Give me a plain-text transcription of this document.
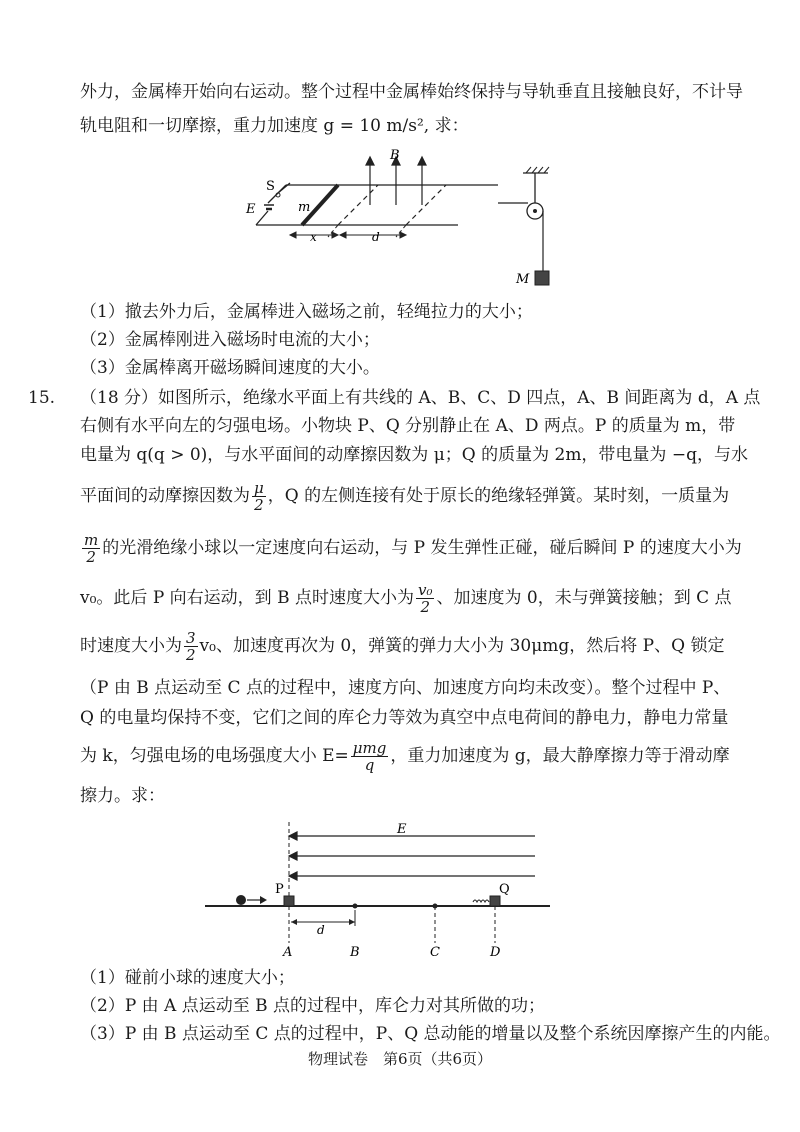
外力，金属棒开始向右运动。整个过程中金属棒始终保持与导轨垂直且接触良好，不计导
轨电阻和一切摩擦，重力加速度 g = 10 m/s², 求：
B
S
E	m
x	d
M
（1）撤去外力后，金属棒进入磁场之前，轻绳拉力的大小；
（2）金属棒刚进入磁场时电流的大小；
（3）金属棒离开磁场瞬间速度的大小。
15. （18 分）如图所示，绝缘水平面上有共线的 A、B、C、D 四点，A、B 间距离为 d，A 点
右侧有水平向左的匀强电场。小物块 P、Q 分别静止在 A、D 两点。P 的质量为 m，带
电量为 q(q > 0)，与水平面间的动摩擦因数为 μ；Q 的质量为 2m，带电量为 −q，与水
平面间的动摩擦因数为 $\frac{\mu}{2}$ ，Q 的左侧连接有处于原长的绝缘轻弹簧。某时刻，一质量为
$\frac{m}{2}$ 的光滑绝缘小球以一定速度向右运动，与 P 发生弹性正碰，碰后瞬间 P 的速度大小为
v₀。此后 P 向右运动，到 B 点时速度大小为 $\frac{\text{v₀}}{2}$ 、加速度为 0，未与弹簧接触；到 C 点
时速度大小为 $\frac{3}{2} v_0$、加速度再次为 0，弹簧的弹力大小为 30μmg，然后将 P、Q 锁定
（P 由 B 点运动至 C 点的过程中，速度方向、加速度方向均未改变）。整个过程中 P、
Q 的电量均保持不变，它们之间的库仑力等效为真空中点电荷间的静电力，静电力常量
为 k，匀强电场的电场强度大小 $E= \frac{\text{μmg}}{q}$ ，重力加速度为 g，最大静摩擦力等于滑动摩
擦力。求：
E
P	Q
d
A	B	C	D
（1）碰前小球的速度大小；
（2）P 由 A 点运动至 B 点的过程中，库仑力对其所做的功；
（3）P 由 B 点运动至 C 点的过程中，P、Q 总动能的增量以及整个系统因摩擦产生的内能。
物理试卷　第6页（共6页）
